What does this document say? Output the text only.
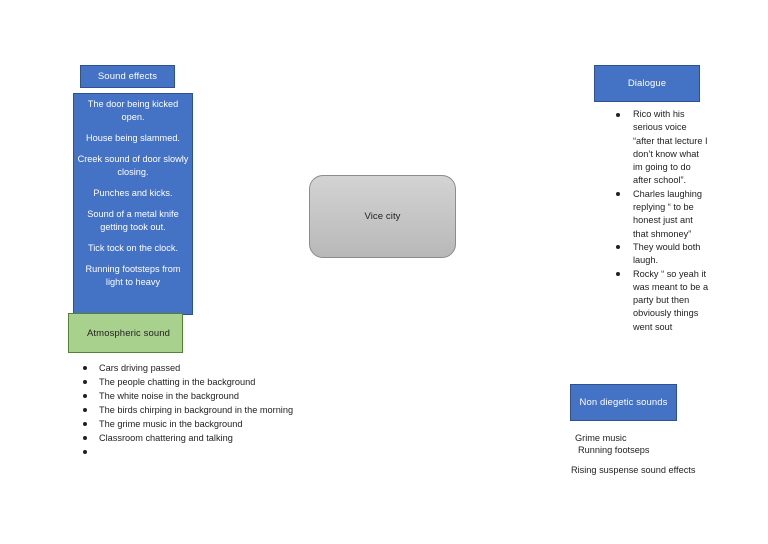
Sound effects

The door being kicked open.

House being slammed.

Creek sound of door slowly closing.

Punches and kicks.

Sound of a metal knife getting took out.

Tick tock on the clock.

Running footsteps from light to heavy

Dialogue
Rico with his serious voice “after that lecture I don’t know what im going to do after school”.
Charles laughing replying “ to be honest just ant that shmoney”
They would both laugh.
Rocky “ so yeah it was meant to be a party but then obviously things went sout
Vice city
Atmospheric sound
Cars driving passed
The people chatting in the background
The white noise in the background
The birds chirping in background in the morning
The grime music in the background
Classroom chattering and talking
Non diegetic sounds
Grime music
Running footseps
Rising suspense sound effects
